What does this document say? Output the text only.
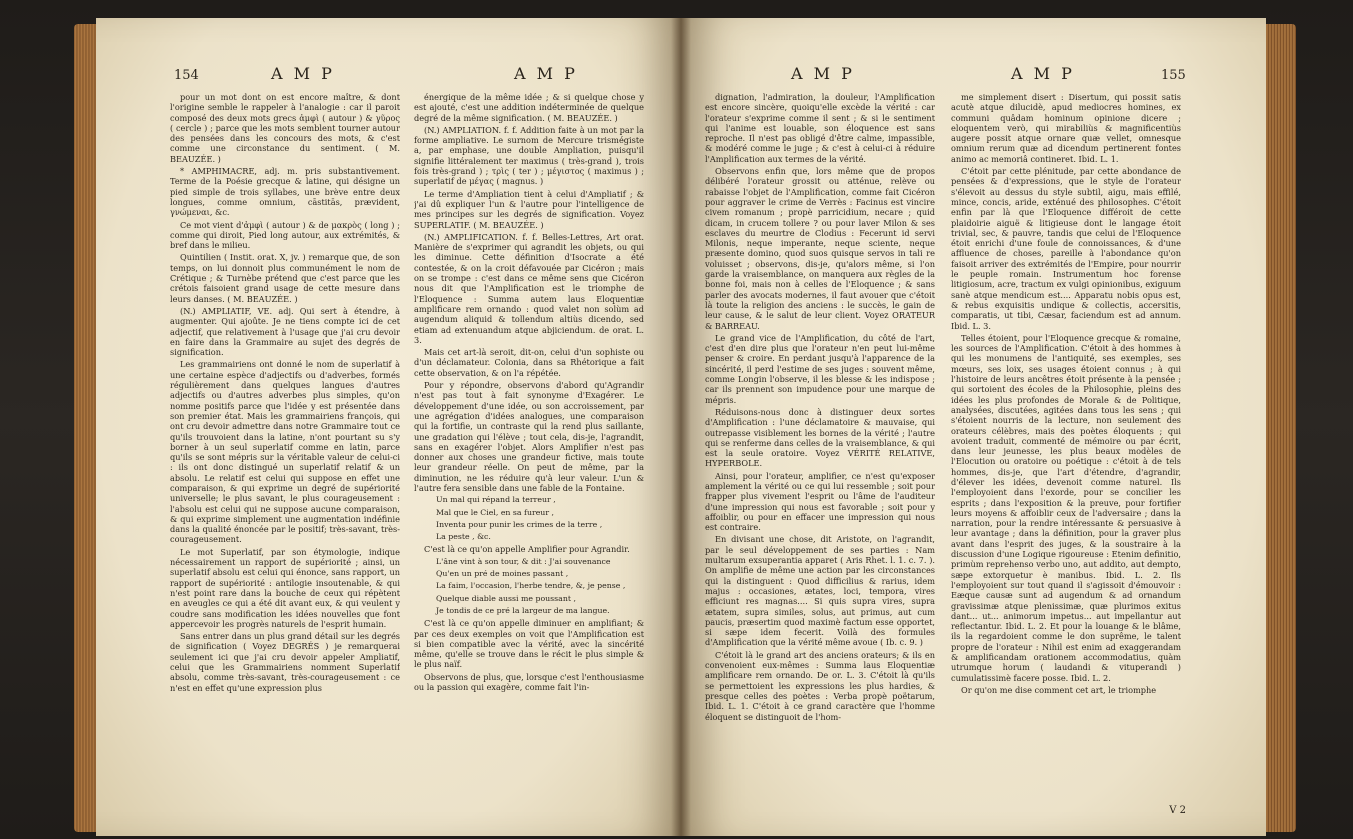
154	A M P	A M P

pour un mot dont on est encore maître, & dont l'origine semble le rappeler à l'analogie : car il paroit composé des deux mots grecs ἀμφὶ ( autour ) & γῦρος ( cercle ) ; parce que les mots semblent tourner autour des pensées dans les concours des mots, & c'est comme une circonstance du sentiment. ( M. BEAUZÉE. )

* AMPHIMACRE, adj. m. pris substantivement. Terme de la Poésie grecque & latine, qui désigne un pied simple de trois syllabes, une brève entre deux longues, comme omnium, cāstitās, prævident, γνώμεναι, &c.

Ce mot vient d'ἀμφὶ ( autour ) & de μακρὸς ( long ) ; comme qui diroit, Pied long autour, aux extrémités, & bref dans le milieu.

Quintilien ( Instit. orat. X, jv. ) remarque que, de son temps, on lui donnoit plus communément le nom de Crétique ; & Turnèbe prétend que c'est parce que les crétois faisoient grand usage de cette mesure dans leurs danses. ( M. BEAUZÉE. )

(N.) AMPLIATIF, VE. adj. Qui sert à étendre, à augmenter. Qui ajoûte. Je ne tiens compte ici de cet adjectif, que relativement à l'usage que j'ai cru devoir en faire dans la Grammaire au sujet des degrés de signification.

Les grammairiens ont donné le nom de superlatif à une certaine espèce d'adjectifs ou d'adverbes, formés régulièrement dans quelques langues d'autres adjectifs ou d'autres adverbes plus simples, qu'on nomme positifs parce que l'idée y est présentée dans son premier état. Mais les grammairiens françois, qui ont cru devoir admettre dans notre Grammaire tout ce qu'ils trouvoient dans la latine, n'ont pourtant su s'y borner à un seul superlatif comme en latin, parce qu'ils se sont mépris sur la véritable valeur de celui-ci : ils ont donc distingué un superlatif relatif & un absolu. Le relatif est celui qui suppose en effet une comparaison, & qui exprime un degré de supériorité universelle; le plus savant, le plus courageusement : l'absolu est celui qui ne suppose aucune comparaison, & qui exprime simplement une augmentation indéfinie dans la qualité énoncée par le positif; très-savant, très-courageusement.

Le mot Superlatif, par son étymologie, indique nécessairement un rapport de supériorité ; ainsi, un superlatif absolu est celui qui énonce, sans rapport, un rapport de supériorité : antilogie insoutenable, & qui n'est point rare dans la bouche de ceux qui répètent en aveugles ce qui a été dit avant eux, & qui veulent y coudre sans modification les idées nouvelles que font appercevoir les progrès naturels de l'esprit humain.

Sans entrer dans un plus grand détail sur les degrés de signification ( Voyez DEGRÉS ) je remarquerai seulement ici que j'ai cru devoir appeler Ampliatif, celui que les Grammairiens nomment Superlatif absolu, comme très-savant, très-courageusement : ce n'est en effet qu'une expression plus

énergique de la même idée ; & si quelque chose y est ajouté, c'est une addition indéterminée de quelque degré de la même signification. ( M. BEAUZÉE. )

(N.) AMPLIATION. f. f. Addition faite à un mot par la forme ampliative. Le surnom de Mercure trismégiste a, par emphase, une double Ampliation, puisqu'il signifie littéralement ter maximus ( très-grand ), trois fois très-grand ) ; τρὶς ( ter ) ; μέγιστος ( maximus ) ; superlatif de μέγας ( magnus. )

Le terme d'Ampliation tient à celui d'Ampliatif ; & j'ai dû expliquer l'un & l'autre pour l'intelligence de mes principes sur les degrés de signification. Voyez SUPERLATIF. ( M. BEAUZÉE. )

(N.) AMPLIFICATION. f. f. Belles-Lettres, Art orat. Manière de s'exprimer qui agrandit les objets, ou qui les diminue. Cette définition d'Isocrate a été contestée, & on la croit défavouée par Cicéron ; mais on se trompe : c'est dans ce même sens que Cicéron nous dit que l'Amplification est le triomphe de l'Eloquence : Summa autem laus Eloquentiæ amplificare rem ornando : quod valet non solùm ad augendum aliquid & tollendum altiùs dicendo, sed etiam ad extenuandum atque abjiciendum. de orat. L. 3.

Mais cet art-là seroit, dit-on, celui d'un sophiste ou d'un déclamateur. Colonia, dans sa Rhétorique a fait cette observation, & on l'a répétée.

Pour y répondre, observons d'abord qu'Agrandir n'est pas tout à fait synonyme d'Exagérer. Le développement d'une idée, ou son accroissement, par une agrégation d'idées analogues, une comparaison qui la fortifie, un contraste qui la rend plus saillante, une gradation qui l'élève ; tout cela, dis-je, l'agrandit, sans en exagérer l'objet. Alors Amplifier n'est pas donner aux choses une grandeur fictive, mais toute leur grandeur réelle. On peut de même, par la diminution, ne les réduire qu'à leur valeur. L'un & l'autre fera sensible dans une fable de la Fontaine.

Un mal qui répand la terreur ,

Mal que le Ciel, en sa fureur ,

Inventa pour punir les crimes de la terre ,

La peste , &c.

C'est là ce qu'on appelle Amplifier pour Agrandir.

L'âne vint à son tour, & dit : J'ai souvenance

Qu'en un pré de moines passant ,

La faim, l'occasion, l'herbe tendre, &, je pense ,

Quelque diable aussi me poussant ,

Je tondis de ce pré la largeur de ma langue.

C'est là ce qu'on appelle diminuer en amplifiant; & par ces deux exemples on voit que l'Amplification est si bien compatible avec la vérité, avec la sincérité même, qu'elle se trouve dans le récit le plus simple & le plus naïf.

Observons de plus, que, lorsque c'est l'enthousiasme ou la passion qui exagère, comme fait l'in-

A M P	A M P	155

dignation, l'admiration, la douleur, l'Amplification est encore sincère, quoiqu'elle excède la vérité : car l'orateur s'exprime comme il sent ; & si le sentiment qui l'anime est louable, son éloquence est sans reproche. Il n'est pas obligé d'être calme, impassible, & modéré comme le juge ; & c'est à celui-ci à réduire l'Amplification aux termes de la vérité.

Observons enfin que, lors même que de propos délibéré l'orateur grossit ou atténue, relève ou rabaisse l'objet de l'Amplification, comme fait Cicéron pour aggraver le crime de Verrès : Facinus est vincire civem romanum ; propè parricidium, necare ; quid dicam, in crucem tollere ? ou pour laver Milon & ses esclaves du meurtre de Clodius : Fecerunt id servi Milonis, neque imperante, neque sciente, neque præsente domino, quod suos quisque servos in tali re voluisset ; observons, dis-je, qu'alors même, si l'on garde la vraisemblance, on manquera aux règles de la bonne foi, mais non à celles de l'Eloquence ; & sans parler des avocats modernes, il faut avouer que c'étoit là toute la religion des anciens : le succès, le gain de leur cause, & le salut de leur client. Voyez ORATEUR & BARREAU.

Le grand vice de l'Amplification, du côté de l'art, c'est d'en dire plus que l'orateur n'en peut lui-même penser & croire. En perdant jusqu'à l'apparence de la sincérité, il perd l'estime de ses juges : souvent même, comme Longin l'observe, il les blesse & les indispose ; car ils prennent son impudence pour une marque de mépris.

Réduisons-nous donc à distinguer deux sortes d'Amplification : l'une déclamatoire & mauvaise, qui outrepasse visiblement les bornes de la vérité ; l'autre qui se renferme dans celles de la vraisemblance, & qui est la seule oratoire. Voyez VÉRITÉ RELATIVE, HYPERBOLE.

Ainsi, pour l'orateur, amplifier, ce n'est qu'exposer amplement la vérité ou ce qui lui ressemble ; soit pour frapper plus vivement l'esprit ou l'âme de l'auditeur d'une impression qui nous est favorable ; soit pour y affoiblir, ou pour en effacer une impression qui nous est contraire.

En divisant une chose, dit Aristote, on l'agrandit, par le seul développement de ses parties : Nam multarum exsuperantia apparet ( Aris Rhet. l. 1. c. 7. ). On amplifie de même une action par les circonstances qui la distinguent : Quod difficilius & rarius, idem majus : occasiones, ætates, loci, tempora, vires efficiunt res magnas.... Si quis supra vires, supra ætatem, supra similes, solus, aut primus, aut cum paucis, præsertim quod maximè factum esse opportet, si sæpe idem fecerit. Voilà des formules d'Amplification que la vérité même avoue ( Ib. c. 9. )

C'étoit là le grand art des anciens orateurs; & ils en convenoient eux-mêmes : Summa laus Eloquentiæ amplificare rem ornando. De or. L. 3. C'étoit là qu'ils se permettoient les expressions les plus hardies, & presque celles des poètes : Verba propè poëtarum, Ibid. L. 1. C'étoit à ce grand caractère que l'homme éloquent se distinguoit de l'hom-

me simplement disert : Disertum, qui possit satis acutè atque dilucidè, apud mediocres homines, ex communi quâdam hominum opinione dicere ; eloquentem verò, qui mirabiliùs & magnificentiùs augere possit atque ornare quæ vellet, omnesque omnium rerum quæ ad dicendum pertinerent fontes animo ac memoriâ contineret. Ibid. L. 1.

C'étoit par cette plénitude, par cette abondance de pensées & d'expressions, que le style de l'orateur s'élevoit au dessus du style subtil, aigu, mais effilé, mince, concis, aride, exténué des philosophes. C'étoit enfin par là que l'Eloquence différoit de cette plaidoirie aiguë & litigieuse dont le langage étoit trivial, sec, & pauvre, tandis que celui de l'Eloquence étoit enrichi d'une foule de connoissances, & d'une affluence de choses, pareille à l'abondance qu'on faisoit arriver des extrémités de l'Empire, pour nourrir le peuple romain. Instrumentum hoc forense litigiosum, acre, tractum ex vulgi opinionibus, exiguum sanè atque mendicum est.... Apparatu nobis opus est, & rebus exquisitis undique & collectis, accersitis, comparatis, ut tibi, Cæsar, faciendum est ad annum. Ibid. L. 3.

Telles étoient, pour l'Eloquence grecque & romaine, les sources de l'Amplification. C'étoit à des hommes à qui les monumens de l'antiquité, ses exemples, ses mœurs, ses loix, ses usages étoient connus ; à qui l'histoire de leurs ancêtres étoit présente à la pensée ; qui sortoient des écoles de la Philosophie, pleins des idées les plus profondes de Morale & de Politique, analysées, discutées, agitées dans tous les sens ; qui s'étoient nourris de la lecture, non seulement des orateurs célèbres, mais des poètes éloquents ; qui avoient traduit, commenté de mémoire ou par écrit, dans leur jeunesse, les plus beaux modèles de l'Elocution ou oratoire ou poétique : c'étoit à de tels hommes, dis-je, que l'art d'étendre, d'agrandir, d'élever les idées, devenoit comme naturel. Ils l'employoient dans l'exorde, pour se concilier les esprits ; dans l'exposition & la preuve, pour fortifier leurs moyens & affoiblir ceux de l'adversaire ; dans la narration, pour la rendre intéressante & persuasive à leur avantage ; dans la définition, pour la graver plus avant dans l'esprit des juges, & la soustraire à la discussion d'une Logique rigoureuse : Etenim definitio, primùm reprehenso verbo uno, aut addito, aut dempto, sæpe extorquetur è manibus. Ibid. L. 2. Ils l'employoient sur tout quand il s'agissoit d'émouvoir : Eæque causæ sunt ad augendum & ad ornandum gravissimæ atque plenissimæ, quæ plurimos exitus dant... ut... animorum impetus... aut impellantur aut reflectantur. Ibid. L. 2. Et pour la louange & le blâme, ils la regardoient comme le don suprême, le talent propre de l'orateur : Nihil est enim ad exaggerandam & amplificandam orationem accommodatius, quàm utrumque horum ( laudandi & vituperandi ) cumulatissimè facere posse. Ibid. L. 2.

Or qu'on me dise comment cet art, le triomphe

V 2
